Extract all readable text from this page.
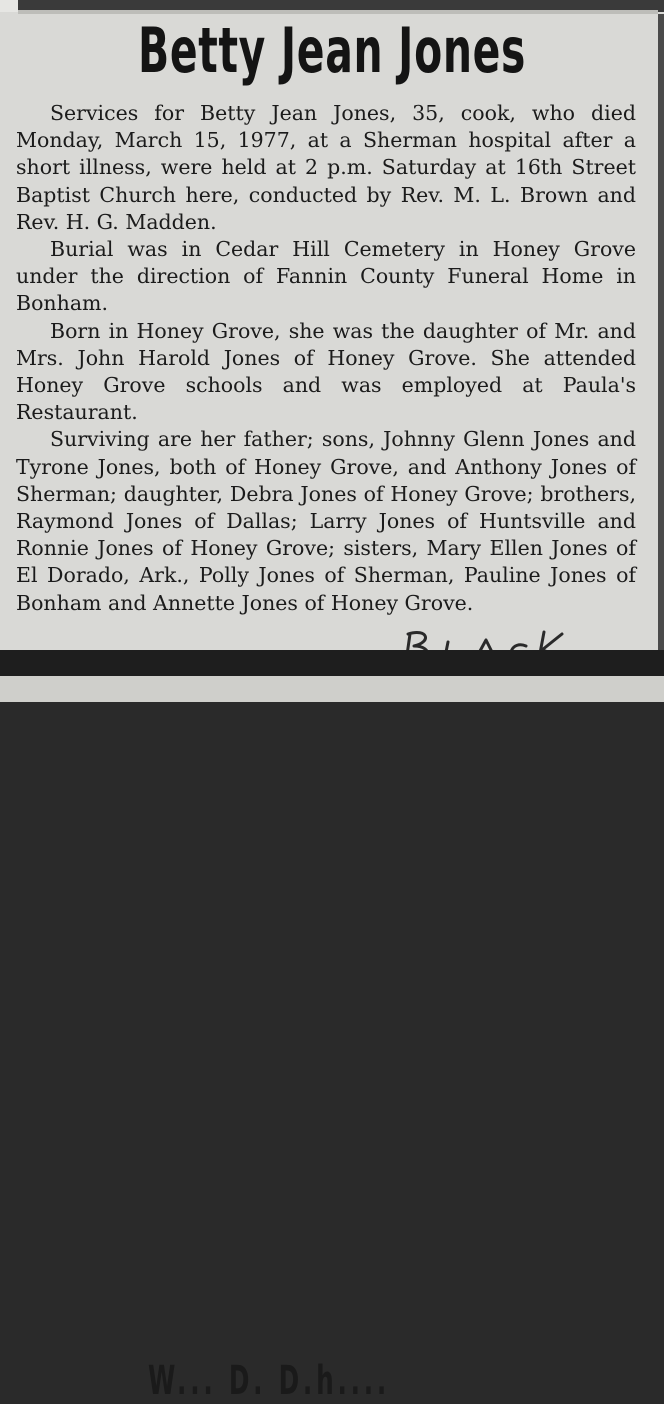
Betty Jean Jones

Services for Betty Jean Jones, 35, cook, who died Monday, March 15, 1977, at a Sherman hospital after a short illness, were held at 2 p.m. Saturday at 16th Street Baptist Church here, conducted by Rev. M. L. Brown and Rev. H. G. Madden.

Burial was in Cedar Hill Cemetery in Honey Grove under the direction of Fannin County Funeral Home in Bonham.

Born in Honey Grove, she was the daughter of Mr. and Mrs. John Harold Jones of Honey Grove. She attended Honey Grove schools and was employed at Paula's Restaurant.

Surviving are her father; sons, Johnny Glenn Jones and Tyrone Jones, both of Honey Grove, and Anthony Jones of Sherman; daughter, Debra Jones of Honey Grove; brothers, Raymond Jones of Dallas; Larry Jones of Huntsville and Ronnie Jones of Honey Grove; sisters, Mary Ellen Jones of El Dorado, Ark., Polly Jones of Sherman, Pauline Jones of Bonham and Annette Jones of Honey Grove.

W... D. D.h....
